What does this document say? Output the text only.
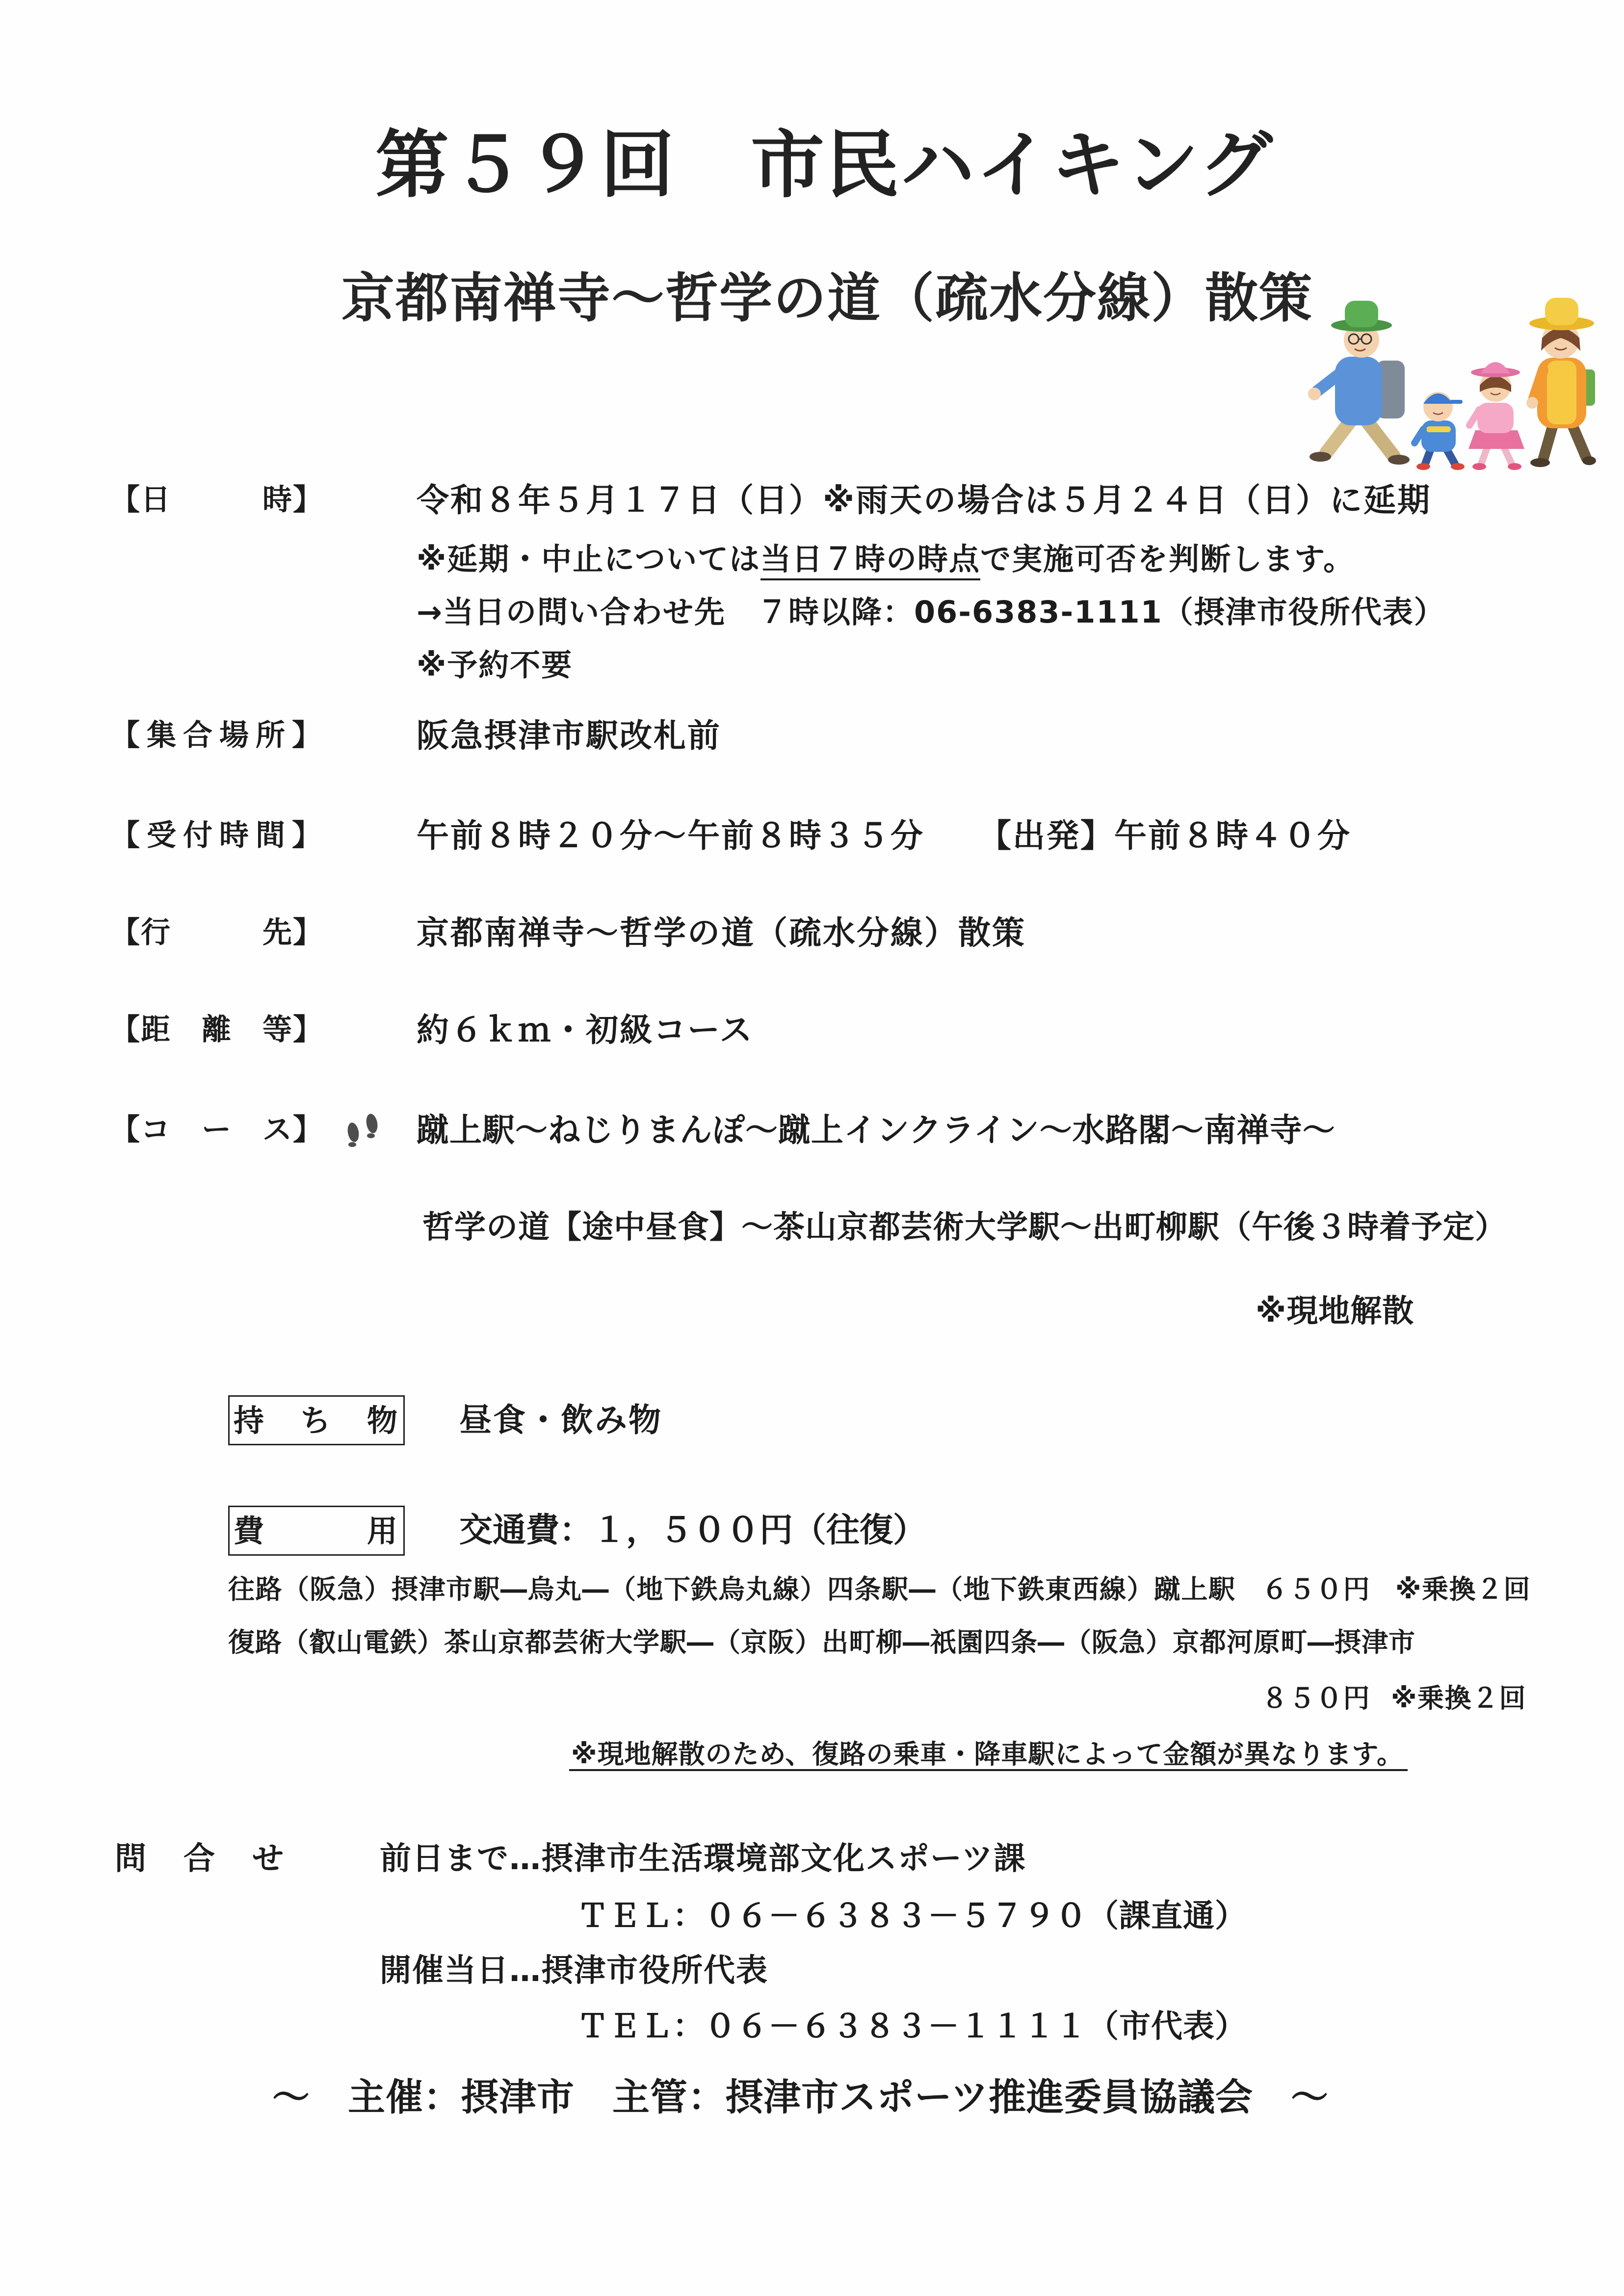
第５９回　市民ハイキング
京都南禅寺～哲学の道（疏水分線）散策
【日　　　時】	令和８年５月１７日（日）※雨天の場合は５月２４日（日）に延期
※延期・中止については当日７時の時点で実施可否を判断します。
→当日の問い合わせ先　７時以降：06-6383-1111（摂津市役所代表）
※予約不要
【集合場所】	阪急摂津市駅改札前
【受付時間】	午前８時２０分～午前８時３５分 【出発】午前８時４０分
【行　　　先】	京都南禅寺～哲学の道（疏水分線）散策
【距　離　等】	約６ｋｍ・初級コース
【コ　ー　ス】	蹴上駅～ねじりまんぽ～蹴上インクライン～水路閣～南禅寺～
哲学の道【途中昼食】～茶山京都芸術大学駅～出町柳駅（午後３時着予定）
※現地解散
持　ち　物 昼食・飲み物
費　　　用 交通費：１，５００円（往復）
往路（阪急）摂津市駅―烏丸―（地下鉄烏丸線）四条駅―（地下鉄東西線）蹴上駅 ６５０円 ※乗換２回
復路（叡山電鉄）茶山京都芸術大学駅―（京阪）出町柳―祇園四条―（阪急）京都河原町―摂津市
８５０円 ※乗換２回
※現地解散のため、復路の乗車・降車駅によって金額が異なります。
問　合　せ	前日まで…摂津市生活環境部文化スポーツ課
ＴＥＬ：０６－６３８３－５７９０（課直通）
開催当日…摂津市役所代表
ＴＥＬ：０６－６３８３－１１１１（市代表）
～　主催：摂津市　主管：摂津市スポーツ推進委員協議会　～
